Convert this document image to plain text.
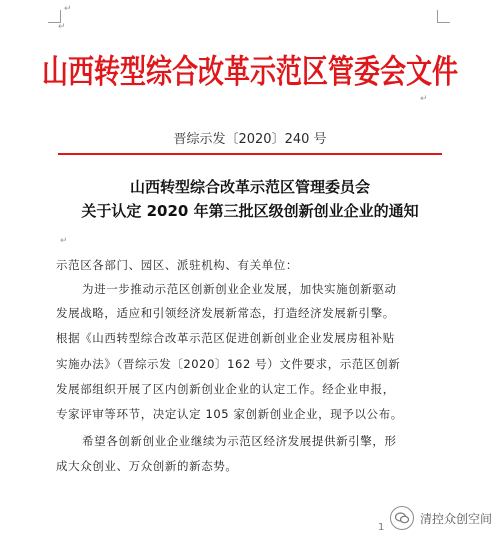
↵
↵
山西转型综合改革示范区管委会文件
↵
晋综示发〔2020〕240 号
山西转型综合改革示范区管理委员会
关于认定 2020 年第三批区级创新创业企业的通知
↵
示范区各部门、园区、派驻机构、有关单位：
为进一步推动示范区创新创业企业发展，加快实施创新驱动
发展战略，适应和引领经济发展新常态，打造经济发展新引擎。
根据《山西转型综合改革示范区促进创新创业企业发展房租补贴
实施办法》（晋综示发〔2020〕162 号）文件要求，示范区创新
发展部组织开展了区内创新创业企业的认定工作。经企业申报，
专家评审等环节，决定认定 105 家创新创业企业，现予以公布。
希望各创新创业企业继续为示范区经济发展提供新引擎，形
成大众创业、万众创新的新态势。
清控众创空间
1
